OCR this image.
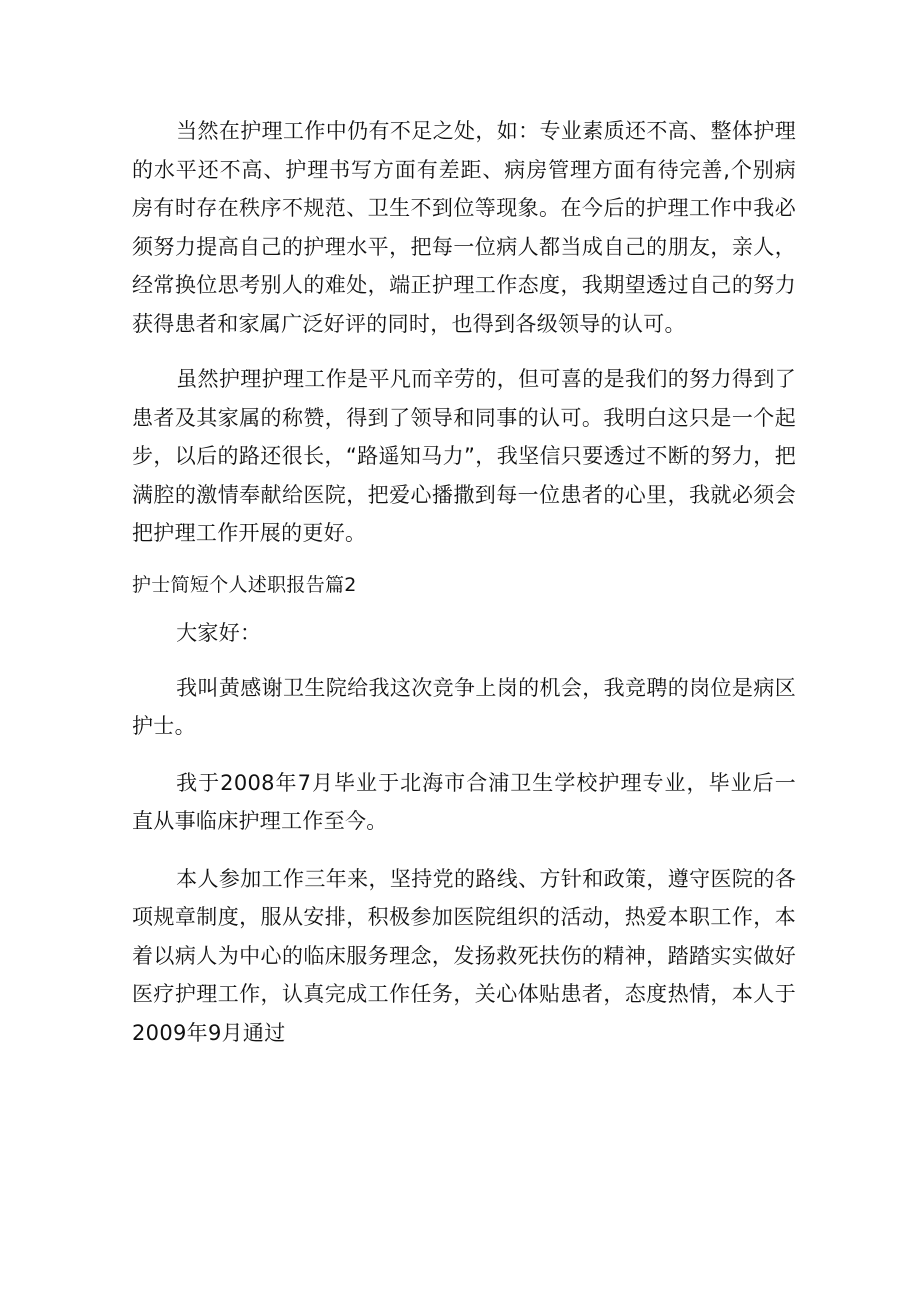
当然在护理工作中仍有不足之处，如：专业素质还不高、整体护理的水平还不高、护理书写方面有差距、病房管理方面有待完善,个别病房有时存在秩序不规范、卫生不到位等现象。在今后的护理工作中我必须努力提高自己的护理水平，把每一位病人都当成自己的朋友，亲人，经常换位思考别人的难处，端正护理工作态度，我期望透过自己的努力获得患者和家属广泛好评的同时，也得到各级领导的认可。

虽然护理护理工作是平凡而辛劳的，但可喜的是我们的努力得到了患者及其家属的称赞，得到了领导和同事的认可。我明白这只是一个起步，以后的路还很长，“路遥知马力”，我坚信只要透过不断的努力，把满腔的激情奉献给医院，把爱心播撒到每一位患者的心里，我就必须会把护理工作开展的更好。

护士简短个人述职报告篇2

大家好：

我叫黄感谢卫生院给我这次竞争上岗的机会，我竞聘的岗位是病区护士。

我于2008年7月毕业于北海市合浦卫生学校护理专业，毕业后一直从事临床护理工作至今。

本人参加工作三年来，坚持党的路线、方针和政策，遵守医院的各项规章制度，服从安排，积极参加医院组织的活动，热爱本职工作，本着以病人为中心的临床服务理念，发扬救死扶伤的精神，踏踏实实做好医疗护理工作，认真完成工作任务，关心体贴患者，态度热情，本人于2009年9月通过
